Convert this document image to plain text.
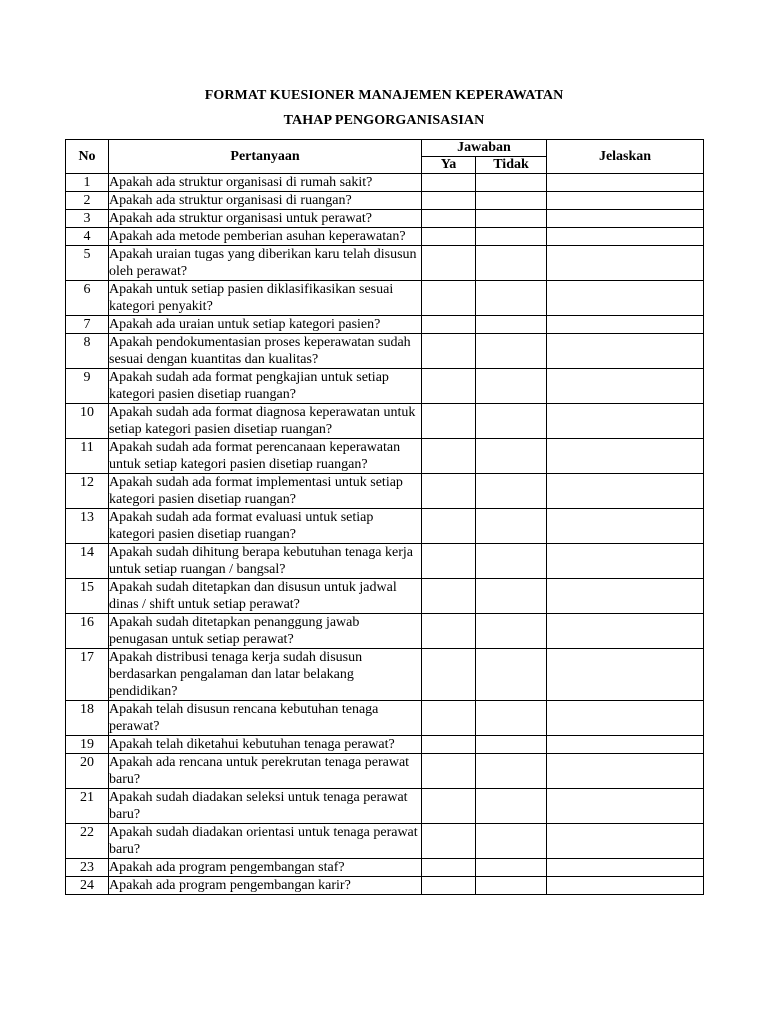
FORMAT KUESIONER MANAJEMEN KEPERAWATAN
TAHAP PENGORGANISASIAN
No	Pertanyaan	Jawaban		Jelaskan
		Ya	Tidak	
1	Apakah ada struktur organisasi di rumah sakit?			
2	Apakah ada struktur organisasi di ruangan?			
3	Apakah ada struktur organisasi untuk perawat?			
4	Apakah ada metode pemberian asuhan keperawatan?			
5	Apakah uraian tugas yang diberikan karu telah disusun oleh perawat?			
6	Apakah untuk setiap pasien diklasifikasikan sesuai kategori penyakit?			
7	Apakah ada uraian untuk setiap kategori pasien?			
8	Apakah pendokumentasian proses keperawatan sudah sesuai dengan kuantitas dan kualitas?			
9	Apakah sudah ada format pengkajian untuk setiap kategori pasien disetiap ruangan?			
10	Apakah sudah ada format diagnosa keperawatan untuk setiap kategori pasien disetiap ruangan?			
11	Apakah sudah ada format perencanaan keperawatan untuk setiap kategori pasien disetiap ruangan?			
12	Apakah sudah ada format implementasi untuk setiap kategori pasien disetiap ruangan?			
13	Apakah sudah ada format evaluasi untuk setiap kategori pasien disetiap ruangan?			
14	Apakah sudah dihitung berapa kebutuhan tenaga kerja untuk setiap ruangan / bangsal?			
15	Apakah sudah ditetapkan dan disusun untuk jadwal dinas / shift untuk setiap perawat?			
16	Apakah sudah ditetapkan penanggung jawab penugasan untuk setiap perawat?			
17	Apakah distribusi tenaga kerja sudah disusun berdasarkan pengalaman dan latar belakang pendidikan?			
18	Apakah telah disusun rencana kebutuhan tenaga perawat?			
19	Apakah telah diketahui kebutuhan tenaga perawat?			
20	Apakah ada rencana untuk perekrutan tenaga perawat baru?			
21	Apakah sudah diadakan seleksi untuk tenaga perawat baru?			
22	Apakah sudah diadakan orientasi untuk tenaga perawat baru?			
23	Apakah ada program pengembangan staf?			
24	Apakah ada program pengembangan karir?			
